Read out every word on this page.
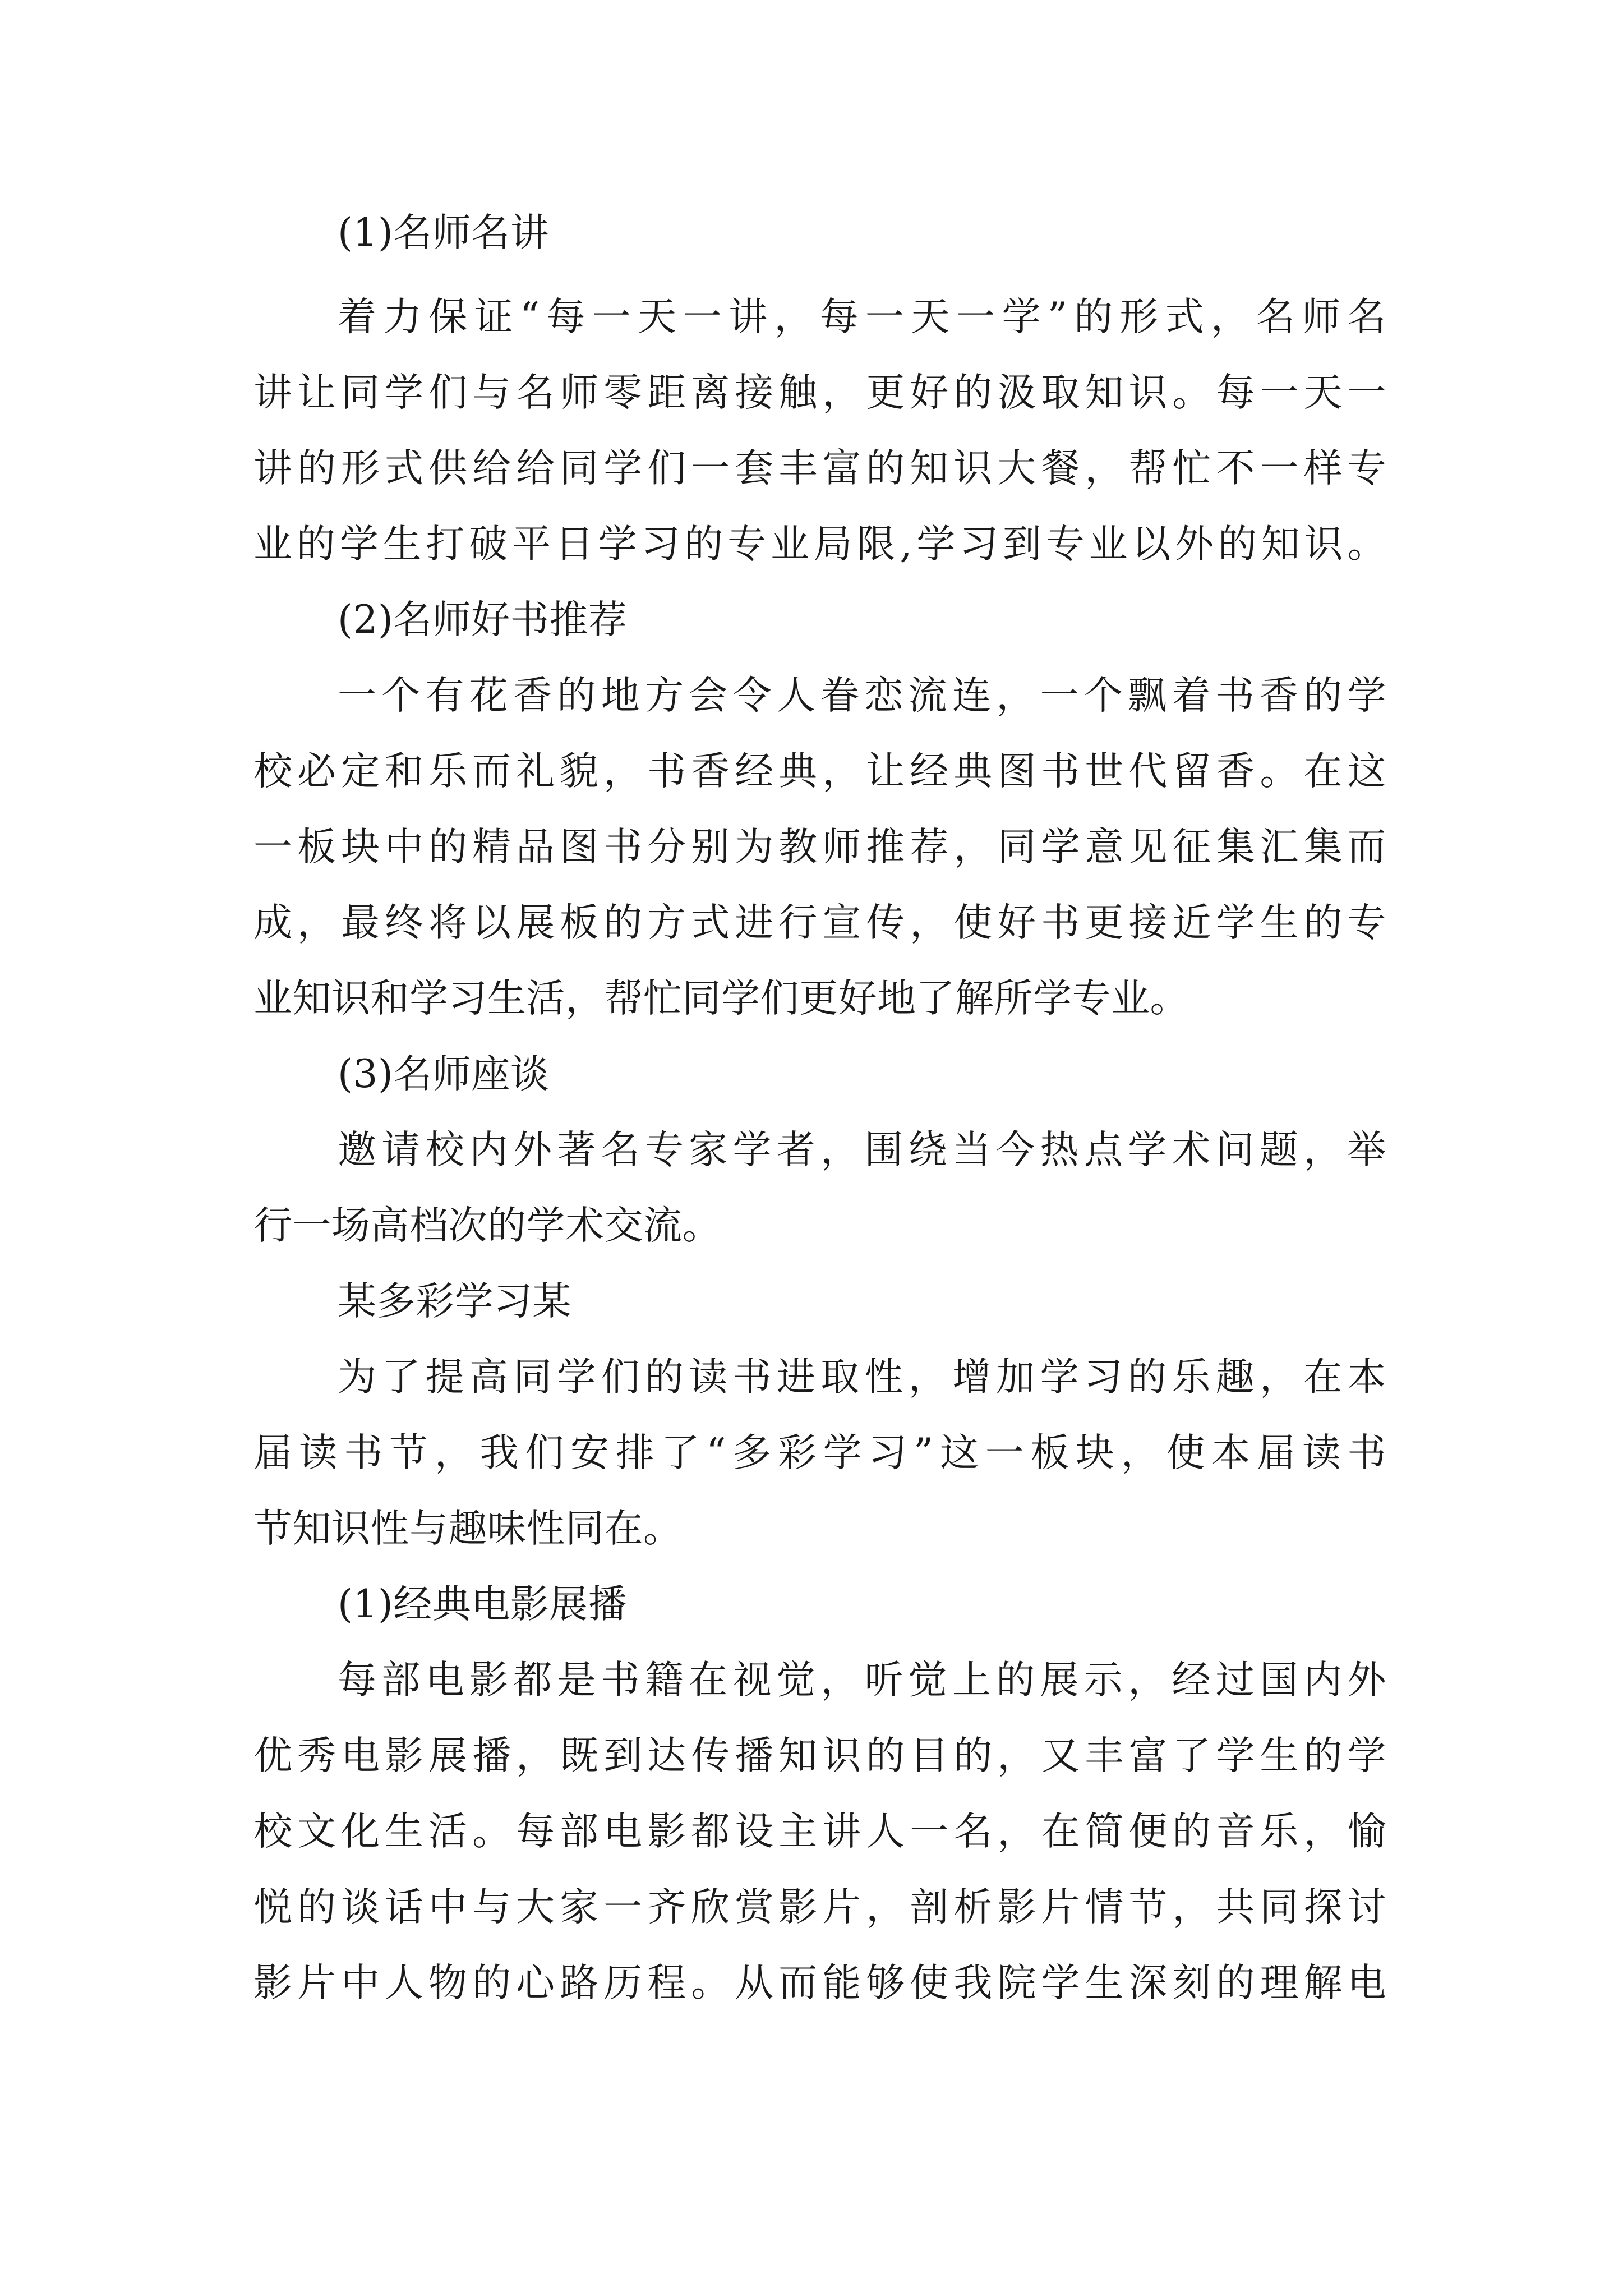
(1)名师名讲

着力保证“每一天一讲，每一天一学”的形式，名师名

讲让同学们与名师零距离接触，更好的汲取知识。每一天一

讲的形式供给给同学们一套丰富的知识大餐，帮忙不一样专

业的学生打破平日学习的专业局限,学习到专业以外的知识。

(2)名师好书推荐

一个有花香的地方会令人眷恋流连，一个飘着书香的学

校必定和乐而礼貌，书香经典，让经典图书世代留香。在这

一板块中的精品图书分别为教师推荐，同学意见征集汇集而

成，最终将以展板的方式进行宣传，使好书更接近学生的专

业知识和学习生活，帮忙同学们更好地了解所学专业。

(3)名师座谈

邀请校内外著名专家学者，围绕当今热点学术问题，举

行一场高档次的学术交流。

某多彩学习某

为了提高同学们的读书进取性，增加学习的乐趣，在本

届读书节，我们安排了“多彩学习”这一板块，使本届读书

节知识性与趣味性同在。

(1)经典电影展播

每部电影都是书籍在视觉，听觉上的展示，经过国内外

优秀电影展播，既到达传播知识的目的，又丰富了学生的学

校文化生活。每部电影都设主讲人一名，在简便的音乐，愉

悦的谈话中与大家一齐欣赏影片，剖析影片情节，共同探讨

影片中人物的心路历程。从而能够使我院学生深刻的理解电
